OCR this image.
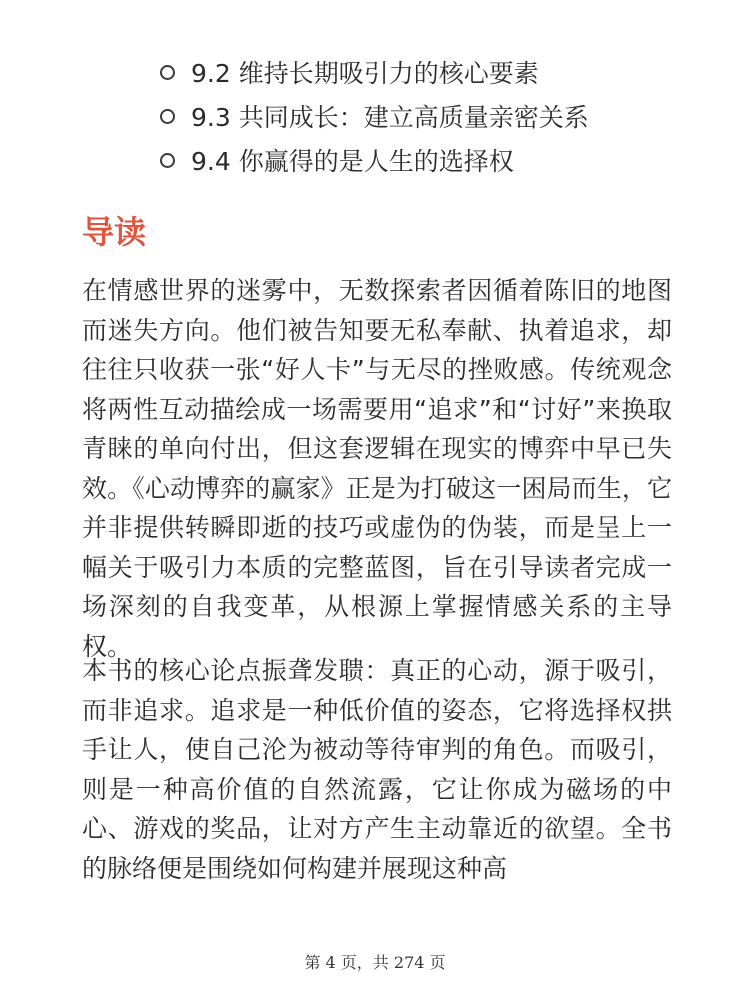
9.2 维持长期吸引力的核心要素
9.3 共同成长：建立高质量亲密关系
9.4 你赢得的是人生的选择权
导读

在情感世界的迷雾中，无数探索者因循着陈旧的地图而迷失方向。他们被告知要无私奉献、执着追求，却往往只收获一张“好人卡”与无尽的挫败感。传统观念将两性互动描绘成一场需要用“追求”和“讨好”来换取青睐的单向付出，但这套逻辑在现实的博弈中早已失效。《心动博弈的赢家》正是为打破这一困局而生，它并非提供转瞬即逝的技巧或虚伪的伪装，而是呈上一幅关于吸引力本质的完整蓝图，旨在引导读者完成一场深刻的自我变革，从根源上掌握情感关系的主导权。

本书的核心论点振聋发聩：真正的心动，源于吸引，而非追求。追求是一种低价值的姿态，它将选择权拱手让人，使自己沦为被动等待审判的角色。而吸引，则是一种高价值的自然流露，它让你成为磁场的中心、游戏的奖品，让对方产生主动靠近的欲望。全书的脉络便是围绕如何构建并展现这种高

第 4 页，共 274 页
